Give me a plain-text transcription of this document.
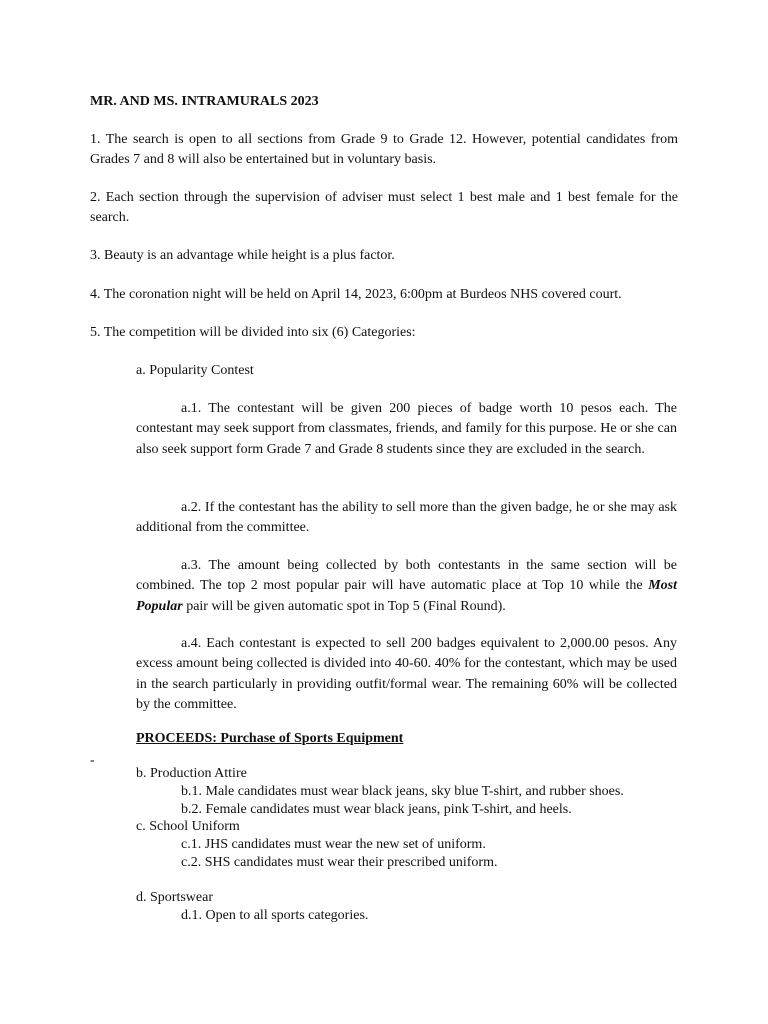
MR. AND MS. INTRAMURALS 2023
1. The search is open to all sections from Grade 9 to Grade 12. However, potential candidates from Grades 7 and 8 will also be entertained but in voluntary basis.
2. Each section through the supervision of adviser must select 1 best male and 1 best female for the search.
3. Beauty is an advantage while height is a plus factor.
4. The coronation night will be held on April 14, 2023, 6:00pm at Burdeos NHS covered court.
5. The competition will be divided into six (6) Categories:
a. Popularity Contest
a.1. The contestant will be given 200 pieces of badge worth 10 pesos each. The contestant may seek support from classmates, friends, and family for this purpose. He or she can also seek support form Grade 7 and Grade 8 students since they are excluded in the search.
a.2. If the contestant has the ability to sell more than the given badge, he or she may ask additional from the committee.
a.3. The amount being collected by both contestants in the same section will be combined. The top 2 most popular pair will have automatic place at Top 10 while the Most Popular pair will be given automatic spot in Top 5 (Final Round).
a.4. Each contestant is expected to sell 200 badges equivalent to 2,000.00 pesos. Any excess amount being collected is divided into 40-60. 40% for the contestant, which may be used in the search particularly in providing outfit/formal wear. The remaining 60% will be collected by the committee.
PROCEEDS: Purchase of Sports Equipment
-
b. Production Attire
b.1. Male candidates must wear black jeans, sky blue T-shirt, and rubber shoes.
b.2. Female candidates must wear black jeans, pink T-shirt, and heels.
c. School Uniform
c.1. JHS candidates must wear the new set of uniform.
c.2. SHS candidates must wear their prescribed uniform.
d. Sportswear
d.1. Open to all sports categories.
